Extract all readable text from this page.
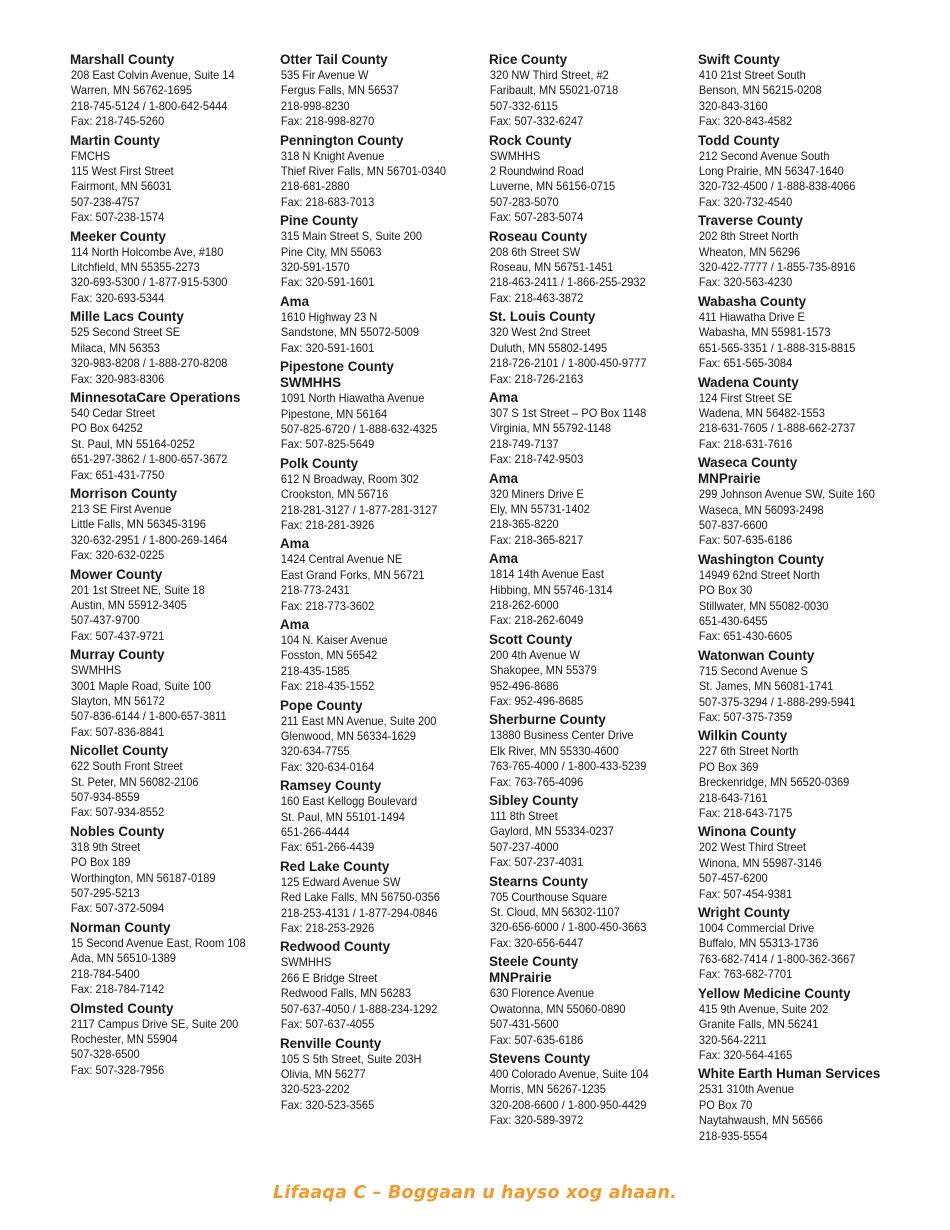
Marshall County
208 East Colvin Avenue, Suite 14
Warren, MN 56762-1695
218-745-5124 / 1-800-642-5444
Fax: 218-745-5260
Martin County
FMCHS
115 West First Street
Fairmont, MN 56031
507-238-4757
Fax: 507-238-1574
Meeker County
114 North Holcombe Ave, #180
Litchfield, MN 55355-2273
320-693-5300 / 1-877-915-5300
Fax: 320-693-5344
Mille Lacs County
525 Second Street SE
Milaca, MN 56353
320-983-8208 / 1-888-270-8208
Fax: 320-983-8306
MinnesotaCare Operations
540 Cedar Street
PO Box 64252
St. Paul, MN 55164-0252
651-297-3862 / 1-800-657-3672
Fax: 651-431-7750
Morrison County
213 SE First Avenue
Little Falls, MN 56345-3196
320-632-2951 / 1-800-269-1464
Fax: 320-632-0225
Mower County
201 1st Street NE, Suite 18
Austin, MN 55912-3405
507-437-9700
Fax: 507-437-9721
Murray County
SWMHHS
3001 Maple Road, Suite 100
Slayton, MN 56172
507-836-6144 / 1-800-657-3811
Fax: 507-836-8841
Nicollet County
622 South Front Street
St. Peter, MN 56082-2106
507-934-8559
Fax: 507-934-8552
Nobles County
318 9th Street
PO Box 189
Worthington, MN 56187-0189
507-295-5213
Fax: 507-372-5094
Norman County
15 Second Avenue East, Room 108
Ada, MN 56510-1389
218-784-5400
Fax: 218-784-7142
Olmsted County
2117 Campus Drive SE, Suite 200
Rochester, MN 55904
507-328-6500
Fax: 507-328-7956
Otter Tail County
535 Fir Avenue W
Fergus Falls, MN 56537
218-998-8230
Fax: 218-998-8270
Pennington County
318 N Knight Avenue
Thief River Falls, MN 56701-0340
218-681-2880
Fax: 218-683-7013
Pine County
315 Main Street S, Suite 200
Pine City, MN 55063
320-591-1570
Fax: 320-591-1601
Ama
1610 Highway 23 N
Sandstone, MN 55072-5009
Fax: 320-591-1601
Pipestone County
SWMHHS
1091 North Hiawatha Avenue
Pipestone, MN 56164
507-825-6720 / 1-888-632-4325
Fax: 507-825-5649
Polk County
612 N Broadway, Room 302
Crookston, MN 56716
218-281-3127 / 1-877-281-3127
Fax: 218-281-3926
Ama
1424 Central Avenue NE
East Grand Forks, MN 56721
218-773-2431
Fax: 218-773-3602
Ama
104 N. Kaiser Avenue
Fosston, MN 56542
218-435-1585
Fax: 218-435-1552
Pope County
211 East MN Avenue, Suite 200
Glenwood, MN 56334-1629
320-634-7755
Fax: 320-634-0164
Ramsey County
160 East Kellogg Boulevard
St. Paul, MN 55101-1494
651-266-4444
Fax: 651-266-4439
Red Lake County
125 Edward Avenue SW
Red Lake Falls, MN 56750-0356
218-253-4131 / 1-877-294-0846
Fax: 218-253-2926
Redwood County
SWMHHS
266 E Bridge Street
Redwood Falls, MN 56283
507-637-4050 / 1-888-234-1292
Fax: 507-637-4055
Renville County
105 S 5th Street, Suite 203H
Olivia, MN 56277
320-523-2202
Fax: 320-523-3565
Rice County
320 NW Third Street, #2
Faribault, MN 55021-0718
507-332-6115
Fax: 507-332-6247
Rock County
SWMHHS
2 Roundwind Road
Luverne, MN 56156-0715
507-283-5070
Fax: 507-283-5074
Roseau County
208 6th Street SW
Roseau, MN 56751-1451
218-463-2411 / 1-866-255-2932
Fax: 218-463-3872
St. Louis County
320 West 2nd Street
Duluth, MN 55802-1495
218-726-2101 / 1-800-450-9777
Fax: 218-726-2163
Ama
307 S 1st Street – PO Box 1148
Virginia, MN 55792-1148
218-749-7137
Fax: 218-742-9503
Ama
320 Miners Drive E
Ely, MN 55731-1402
218-365-8220
Fax: 218-365-8217
Ama
1814 14th Avenue East
Hibbing, MN 55746-1314
218-262-6000
Fax: 218-262-6049
Scott County
200 4th Avenue W
Shakopee, MN 55379
952-496-8686
Fax: 952-496-8685
Sherburne County
13880 Business Center Drive
Elk River, MN 55330-4600
763-765-4000 / 1-800-433-5239
Fax: 763-765-4096
Sibley County
111 8th Street
Gaylord, MN 55334-0237
507-237-4000
Fax: 507-237-4031
Stearns County
705 Courthouse Square
St. Cloud, MN 56302-1107
320-656-6000 / 1-800-450-3663
Fax: 320-656-6447
Steele County
MNPrairie
630 Florence Avenue
Owatonna, MN 55060-0890
507-431-5600
Fax: 507-635-6186
Stevens County
400 Colorado Avenue, Suite 104
Morris, MN 56267-1235
320-208-6600 / 1-800-950-4429
Fax: 320-589-3972
Swift County
410 21st Street South
Benson, MN 56215-0208
320-843-3160
Fax: 320-843-4582
Todd County
212 Second Avenue South
Long Prairie, MN 56347-1640
320-732-4500 / 1-888-838-4066
Fax: 320-732-4540
Traverse County
202 8th Street North
Wheaton, MN 56296
320-422-7777 / 1-855-735-8916
Fax: 320-563-4230
Wabasha County
411 Hiawatha Drive E
Wabasha, MN 55981-1573
651-565-3351 / 1-888-315-8815
Fax: 651-565-3084
Wadena County
124 First Street SE
Wadena, MN 56482-1553
218-631-7605 / 1-888-662-2737
Fax: 218-631-7616
Waseca County
MNPrairie
299 Johnson Avenue SW, Suite 160
Waseca, MN 56093-2498
507-837-6600
Fax: 507-635-6186
Washington County
14949 62nd Street North
PO Box 30
Stillwater, MN 55082-0030
651-430-6455
Fax: 651-430-6605
Watonwan County
715 Second Avenue S
St. James, MN 56081-1741
507-375-3294 / 1-888-299-5941
Fax: 507-375-7359
Wilkin County
227 6th Street North
PO Box 369
Breckenridge, MN 56520-0369
218-643-7161
Fax: 218-643-7175
Winona County
202 West Third Street
Winona, MN 55987-3146
507-457-6200
Fax: 507-454-9381
Wright County
1004 Commercial Drive
Buffalo, MN 55313-1736
763-682-7414 / 1-800-362-3667
Fax: 763-682-7701
Yellow Medicine County
415 9th Avenue, Suite 202
Granite Falls, MN 56241
320-564-2211
Fax: 320-564-4165
White Earth Human Services
2531 310th Avenue
PO Box 70
Naytahwaush, MN 56566
218-935-5554
Lifaaqa C – Boggaan u hayso xog ahaan.
